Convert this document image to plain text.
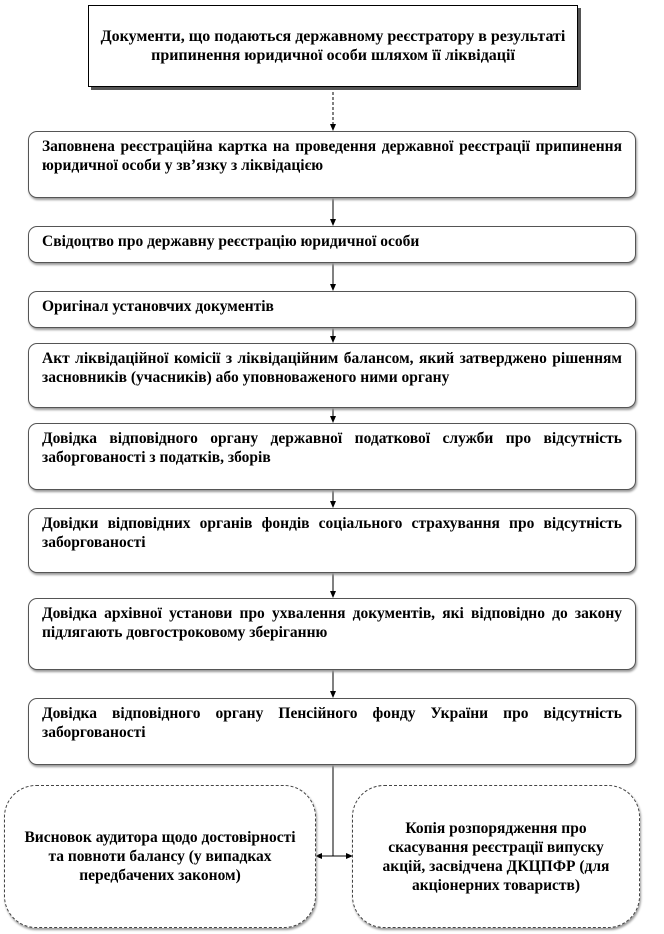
Документи, що подаються державному реєстратору в результаті припинення юридичної особи шляхом її ліквідації
Заповнена реєстраційна картка на проведення державної реєстрації припинення юридичної особи у зв’язку з ліквідацією
Свідоцтво про державну реєстрацію юридичної особи
Оригінал установчих документів
Акт ліквідаційної комісії з ліквідаційним балансом, який затверджено рішенням засновників (учасників) або уповноваженого ними органу
Довідка відповідного органу державної податкової служби про відсутність заборгованості з податків, зборів
Довідки відповідних органів фондів соціального страхування про відсутність заборгованості
Довідка архівної установи про ухвалення документів, які відповідно до закону підлягають довгостроковому зберіганню
Довідка відповідного органу Пенсійного фонду України про відсутність заборгованості
Висновок аудитора щодо достовірності та повноти балансу (у випадках передбачених законом)
Копія розпорядження про скасування реєстрації випуску акцій, засвідчена ДКЦПФР (для акціонерних товариств)
